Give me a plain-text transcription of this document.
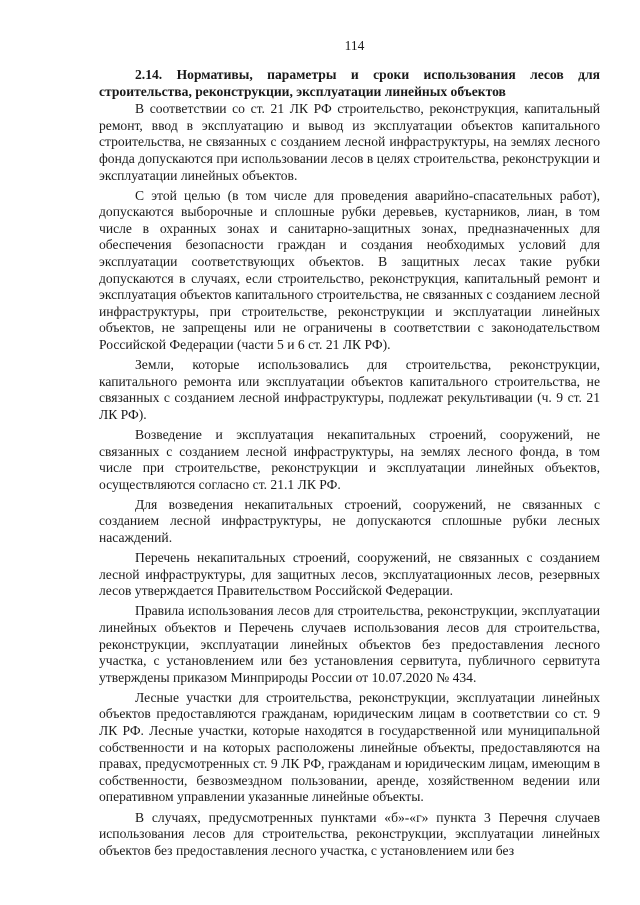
114
2.14. Нормативы, параметры и сроки использования лесов для строительства, реконструкции, эксплуатации линейных объектов

В соответствии со ст. 21 ЛК РФ строительство, реконструкция, капитальный ремонт, ввод в эксплуатацию и вывод из эксплуатации объектов капитального строительства, не связанных с созданием лесной инфраструктуры, на землях лесного фонда допускаются при использовании лесов в целях строительства, реконструкции и эксплуатации линейных объектов.

С этой целью (в том числе для проведения аварийно-спасательных работ), допускаются выборочные и сплошные рубки деревьев, кустарников, лиан, в том числе в охранных зонах и санитарно-защитных зонах, предназначенных для обеспечения безопасности граждан и создания необходимых условий для эксплуатации соответствующих объектов. В защитных лесах такие рубки допускаются в случаях, если строительство, реконструкция, капитальный ремонт и эксплуатация объектов капитального строительства, не связанных с созданием лесной инфраструктуры, при строительстве, реконструкции и эксплуатации линейных объектов, не запрещены или не ограничены в соответствии с законодательством Российской Федерации (части 5 и 6 ст. 21 ЛК РФ).

Земли, которые использовались для строительства, реконструкции, капитального ремонта или эксплуатации объектов капитального строительства, не связанных с созданием лесной инфраструктуры, подлежат рекультивации (ч. 9 ст. 21 ЛК РФ).

Возведение и эксплуатация некапитальных строений, сооружений, не связанных с созданием лесной инфраструктуры, на землях лесного фонда, в том числе при строительстве, реконструкции и эксплуатации линейных объектов, осуществляются согласно ст. 21.1 ЛК РФ.

Для возведения некапитальных строений, сооружений, не связанных с созданием лесной инфраструктуры, не допускаются сплошные рубки лесных насаждений.

Перечень некапитальных строений, сооружений, не связанных с созданием лесной инфраструктуры, для защитных лесов, эксплуатационных лесов, резервных лесов утверждается Правительством Российской Федерации.

Правила использования лесов для строительства, реконструкции, эксплуатации линейных объектов и Перечень случаев использования лесов для строительства, реконструкции, эксплуатации линейных объектов без предоставления лесного участка, с установлением или без установления сервитута, публичного сервитута утверждены приказом Минприроды России от 10.07.2020 № 434.

Лесные участки для строительства, реконструкции, эксплуатации линейных объектов предоставляются гражданам, юридическим лицам в соответствии со ст. 9 ЛК РФ. Лесные участки, которые находятся в государственной или муниципальной собственности и на которых расположены линейные объекты, предоставляются на правах, предусмотренных ст. 9 ЛК РФ, гражданам и юридическим лицам, имеющим в собственности, безвозмездном пользовании, аренде, хозяйственном ведении или оперативном управлении указанные линейные объекты.

В случаях, предусмотренных пунктами «б»-«г» пункта 3 Перечня случаев использования лесов для строительства, реконструкции, эксплуатации линейных объектов без предоставления лесного участка, с установлением или без
